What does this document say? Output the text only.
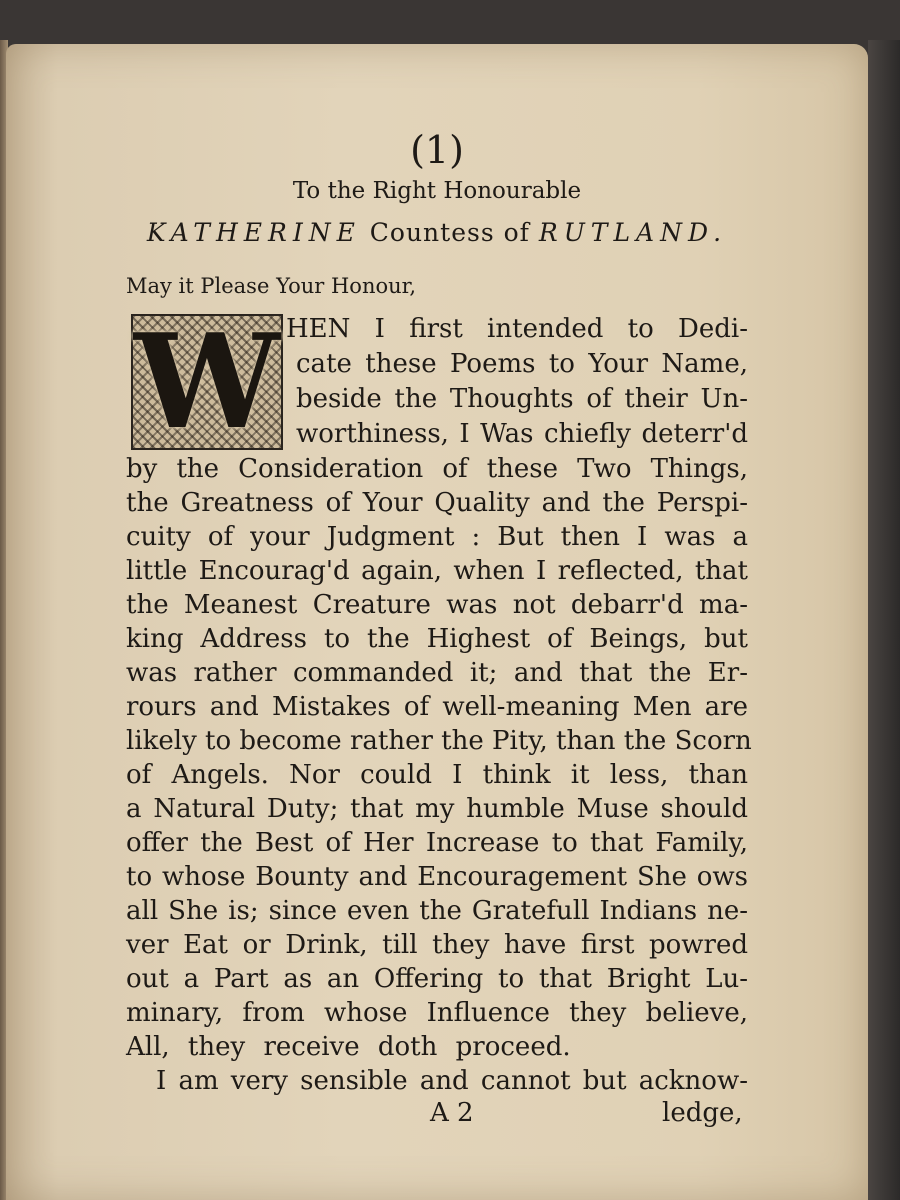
(1)
To the Right Honourable
KATHERINE Countess of RUTLAND.
May it Please Your Honour,
W HEN I first intended to Dedi-
cate these Poems to Your Name,
beside the Thoughts of their Un-
worthiness, I Was chiefly deterr'd
by the Consideration of these Two Things,
the Greatness of Your Quality and the Perspi-
cuity of your Judgment : But then I was a
little Encourag'd again, when I reflected, that
the Meanest Creature was not debarr'd ma-
king Address to the Highest of Beings, but
was rather commanded it; and that the Er-
rours and Mistakes of well-meaning Men are
likely to become rather the Pity, than the Scorn
of Angels. Nor could I think it less, than
a Natural Duty; that my humble Muse should
offer the Best of Her Increase to that Family,
to whose Bounty and Encouragement She ows
all She is; since even the Gratefull Indians ne-
ver Eat or Drink, till they have first powred
out a Part as an Offering to that Bright Lu-
minary, from whose Influence they believe,
All, they receive doth proceed.
I am very sensible and cannot but acknow-
A 2	ledge,
